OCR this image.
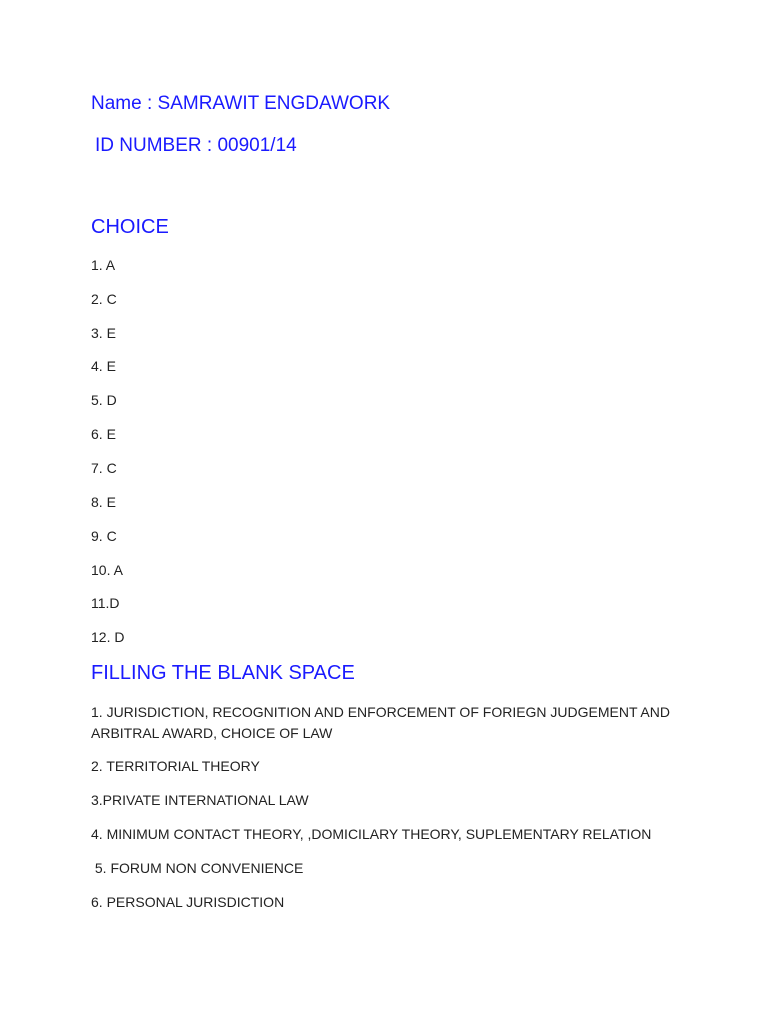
Name : SAMRAWIT ENGDAWORK
ID NUMBER : 00901/14
CHOICE
1. A
2. C
3. E
4. E
5. D
6. E
7. C
8. E
9. C
10. A
11.D
12. D
FILLING THE BLANK SPACE
1. JURISDICTION, RECOGNITION AND ENFORCEMENT OF FORIEGN JUDGEMENT AND ARBITRAL AWARD, CHOICE OF LAW
2. TERRITORIAL THEORY
3.PRIVATE INTERNATIONAL LAW
4. MINIMUM CONTACT THEORY, ,DOMICILARY THEORY, SUPLEMENTARY RELATION
5. FORUM NON CONVENIENCE
6. PERSONAL JURISDICTION
